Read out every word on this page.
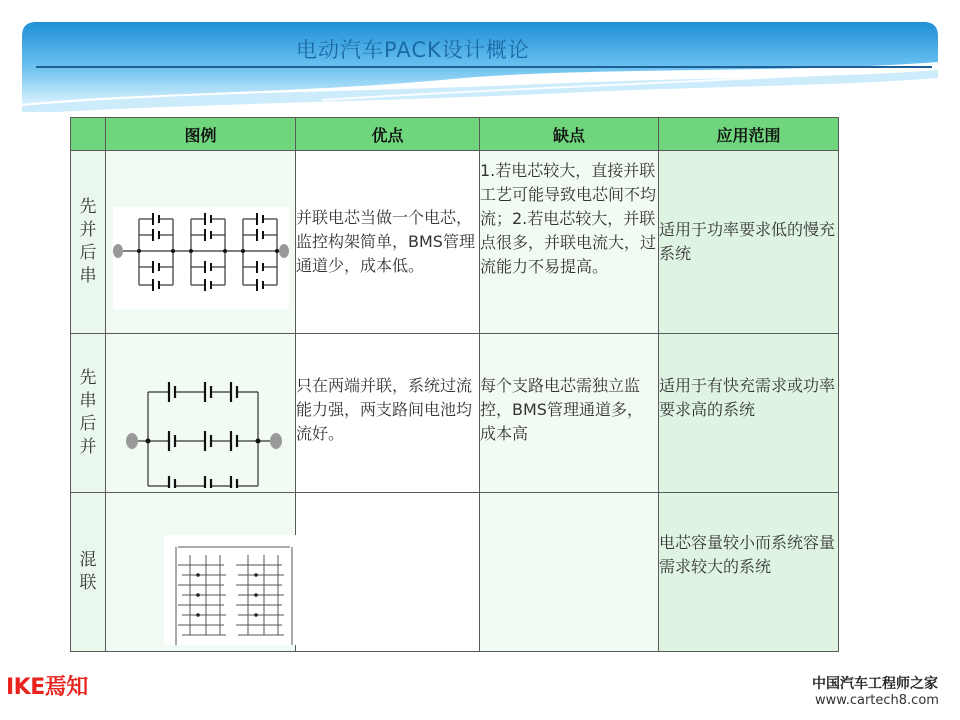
电动汽车PACK设计概论
	图例	优点	缺点	应用范围

先并后串		并联电芯当做一个电芯，监控构架简单，BMS管理通道少，成本低。	1.若电芯较大，直接并联工艺可能导致电芯间不均流；2.若电芯较大，并联点很多，并联电流大，过流能力不易提高。	适用于功率要求低的慢充系统

先串后并		只在两端并联，系统过流能力强，两支路间电池均流好。	每个支路电芯需独立监控，BMS管理通道多，成本高	适用于有快充需求或功率要求高的系统

混联				电芯容量较小而系统容量需求较大的系统
IKE焉知	中国汽车工程师之家
www.cartech8.com
